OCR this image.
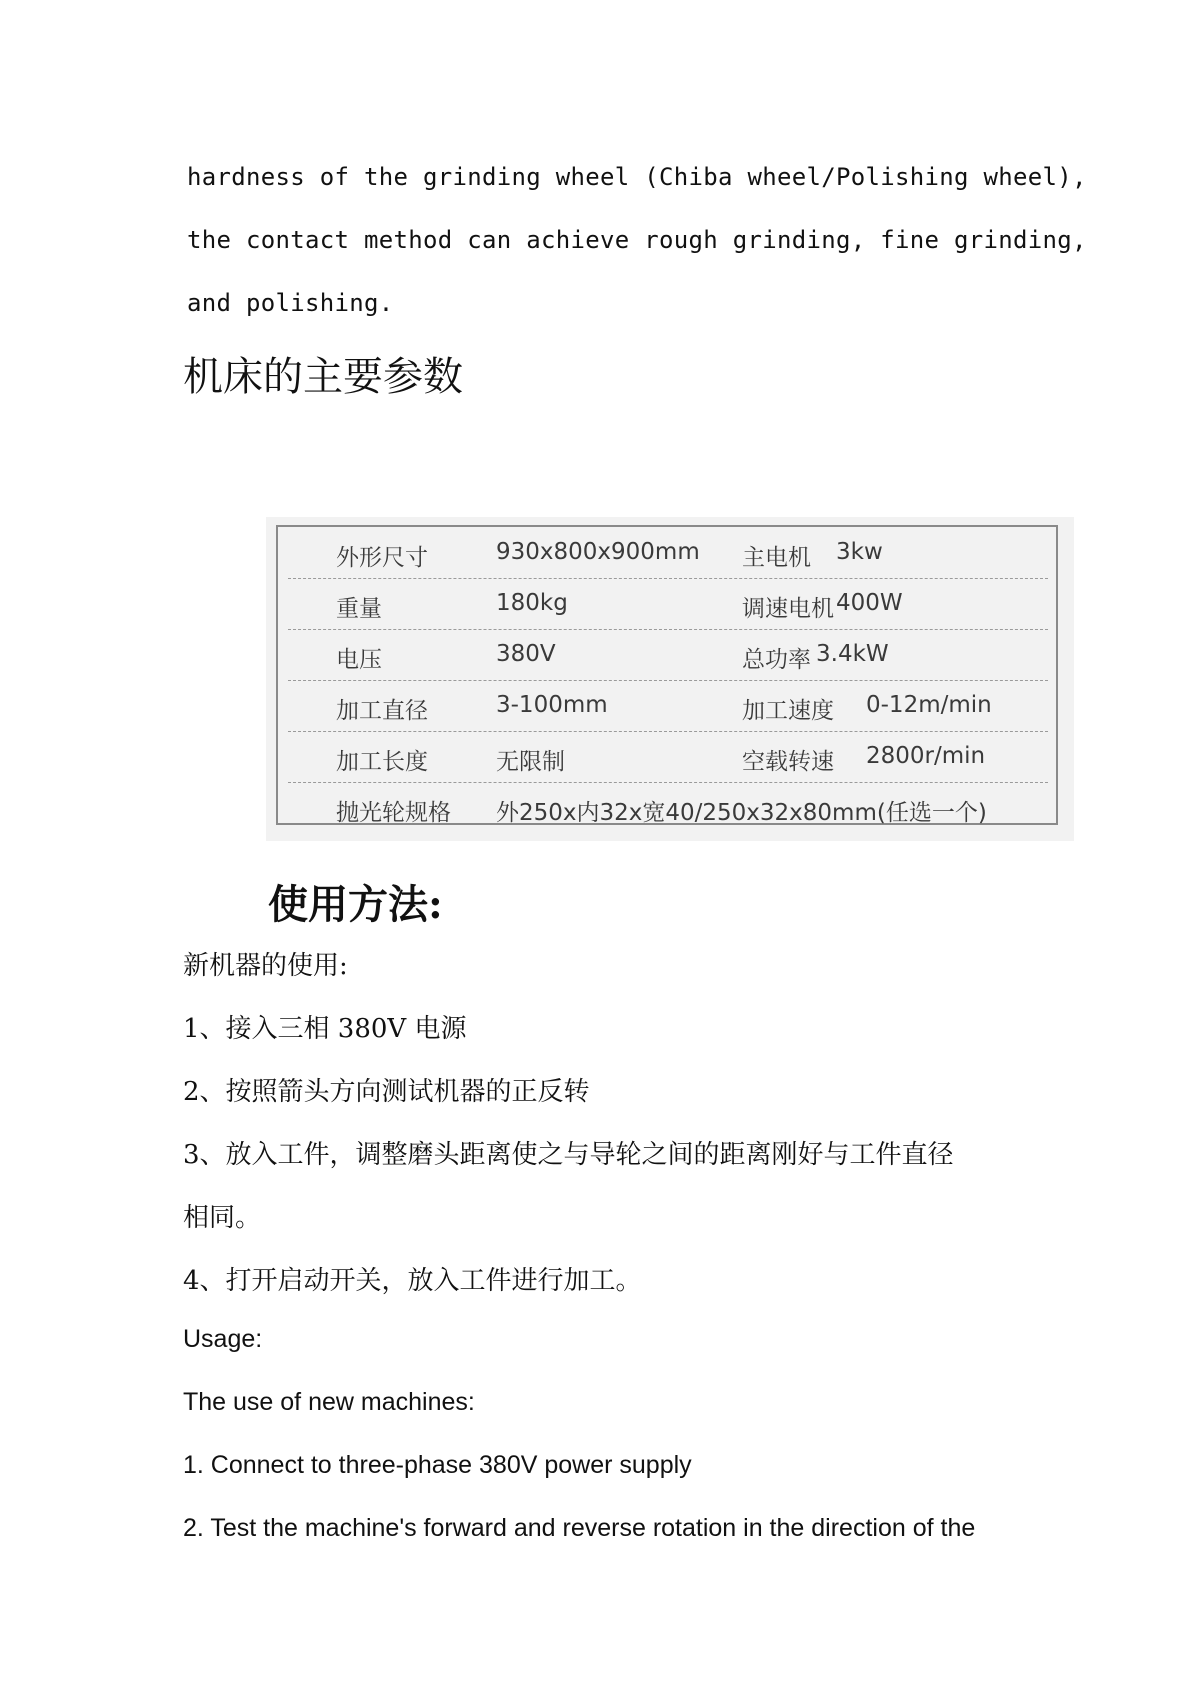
hardness of the grinding wheel (Chiba wheel/Polishing wheel),
the contact method can achieve rough grinding, fine grinding,
and polishing.
机床的主要参数
外形尺寸	930x800x900mm 主电机 3kw
重量	180kg	调速电机 400W
电压	380V	总功率 3.4kW
加工直径	3-100mm	加工速度 0-12m/min
加工长度	无限制	空载转速 2800r/min
抛光轮规格 外250x内32x宽40/250x32x80mm(任选一个)
使用方法:
新机器的使用:
1、接入三相 380V 电源
2、按照箭头方向测试机器的正反转
3、放入工件，调整磨头距离使之与导轮之间的距离刚好与工件直径
相同。
4、打开启动开关，放入工件进行加工。
Usage:
The use of new machines:
1. Connect to three-phase 380V power supply
2. Test the machine's forward and reverse rotation in the direction of the
